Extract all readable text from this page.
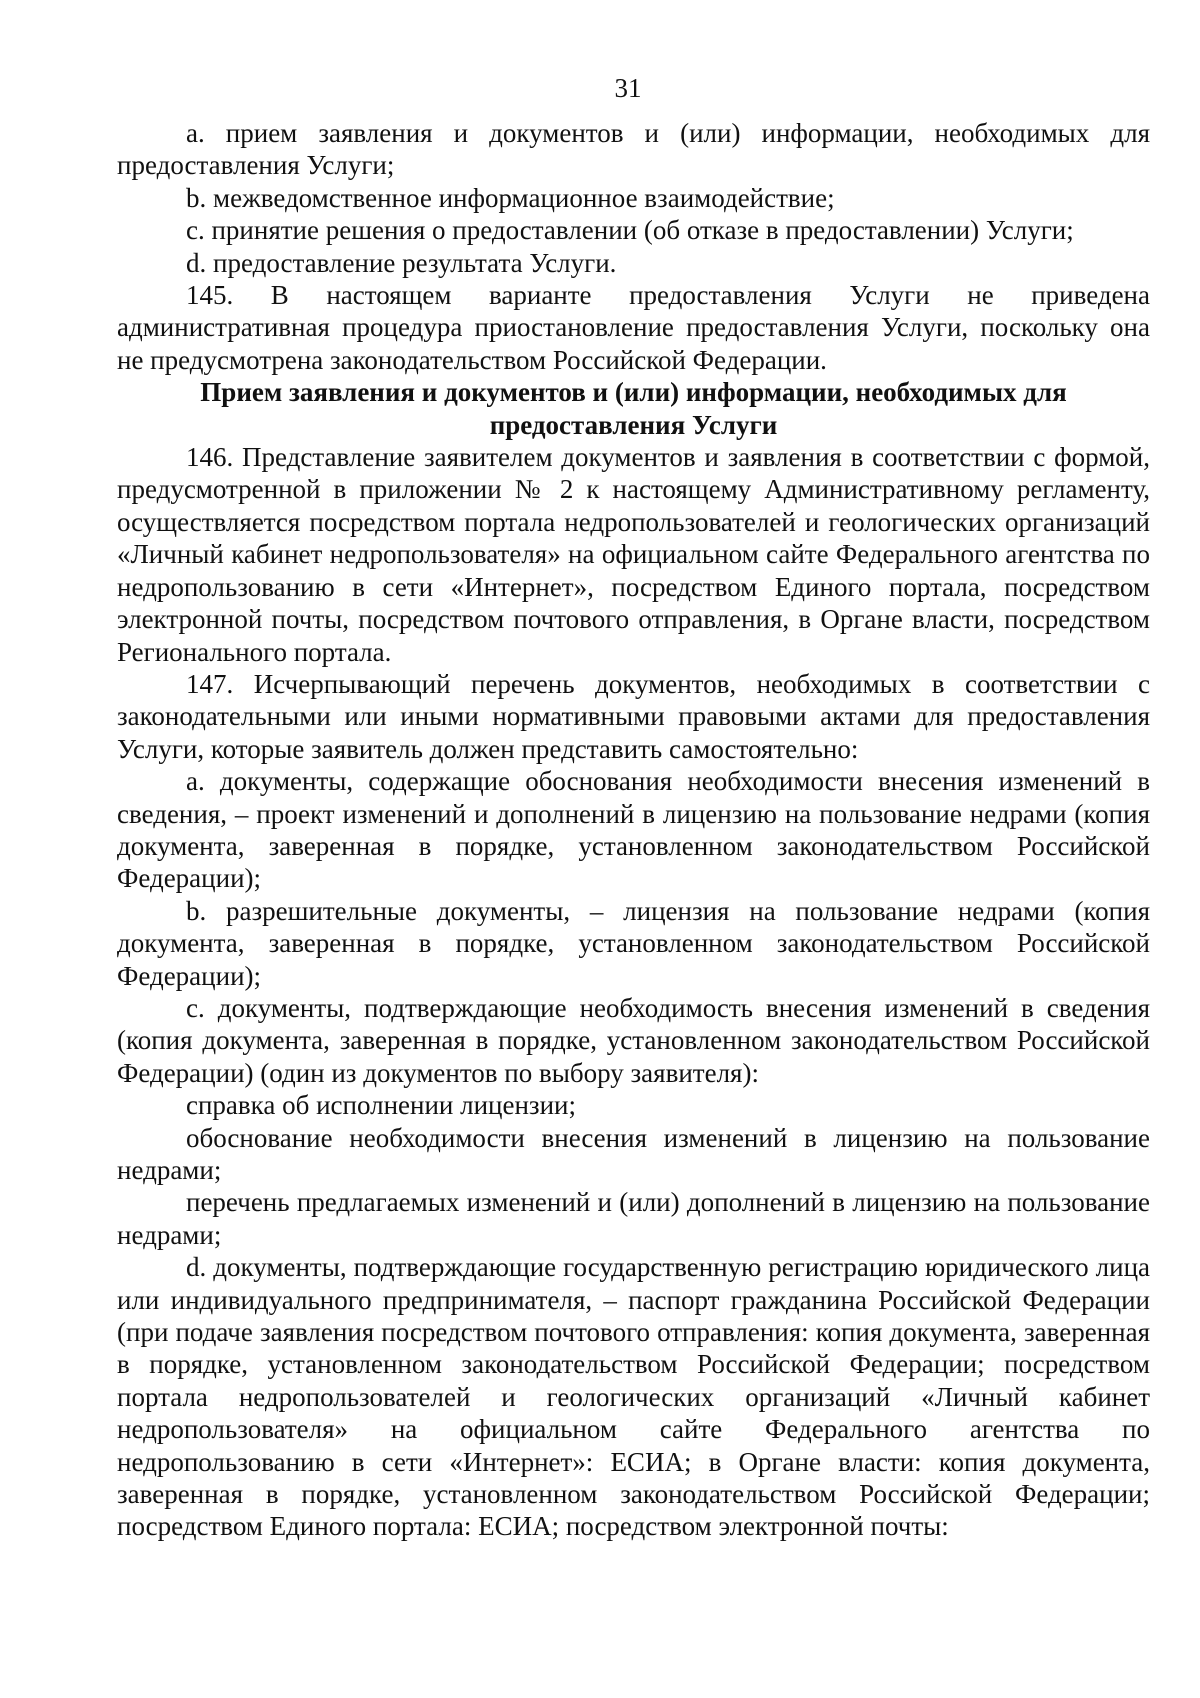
31

a. прием заявления и документов и (или) информации, необходимых для предоставления Услуги;

b. межведомственное информационное взаимодействие;

c. принятие решения о предоставлении (об отказе в предоставлении) Услуги;

d. предоставление результата Услуги.

145. В настоящем варианте предоставления Услуги не приведена административная процедура приостановление предоставления Услуги, поскольку она не предусмотрена законодательством Российской Федерации.

Прием заявления и документов и (или) информации, необходимых для предоставления Услуги

146. Представление заявителем документов и заявления в соответствии с формой, предусмотренной в приложении № 2 к настоящему Административному регламенту, осуществляется посредством портала недропользователей и геологических организаций «Личный кабинет недропользователя» на официальном сайте Федерального агентства по недропользованию в сети «Интернет», посредством Единого портала, посредством электронной почты, посредством почтового отправления, в Органе власти, посредством Регионального портала.

147. Исчерпывающий перечень документов, необходимых в соответствии с законодательными или иными нормативными правовыми актами для предоставления Услуги, которые заявитель должен представить самостоятельно:

a. документы, содержащие обоснования необходимости внесения изменений в сведения, – проект изменений и дополнений в лицензию на пользование недрами (копия документа, заверенная в порядке, установленном законодательством Российской Федерации);

b. разрешительные документы, – лицензия на пользование недрами (копия документа, заверенная в порядке, установленном законодательством Российской Федерации);

c. документы, подтверждающие необходимость внесения изменений в сведения (копия документа, заверенная в порядке, установленном законодательством Российской Федерации) (один из документов по выбору заявителя):

справка об исполнении лицензии;

обоснование необходимости внесения изменений в лицензию на пользование недрами;

перечень предлагаемых изменений и (или) дополнений в лицензию на пользование недрами;

d. документы, подтверждающие государственную регистрацию юридического лица или индивидуального предпринимателя, – паспорт гражданина Российской Федерации (при подаче заявления посредством почтового отправления: копия документа, заверенная в порядке, установленном законодательством Российской Федерации; посредством портала недропользователей и геологических организаций «Личный кабинет недропользователя» на официальном сайте Федерального агентства по недропользованию в сети «Интернет»: ЕСИА; в Органе власти: копия документа, заверенная в порядке, установленном законодательством Российской Федерации; посредством Единого портала: ЕСИА; посредством электронной почты:
